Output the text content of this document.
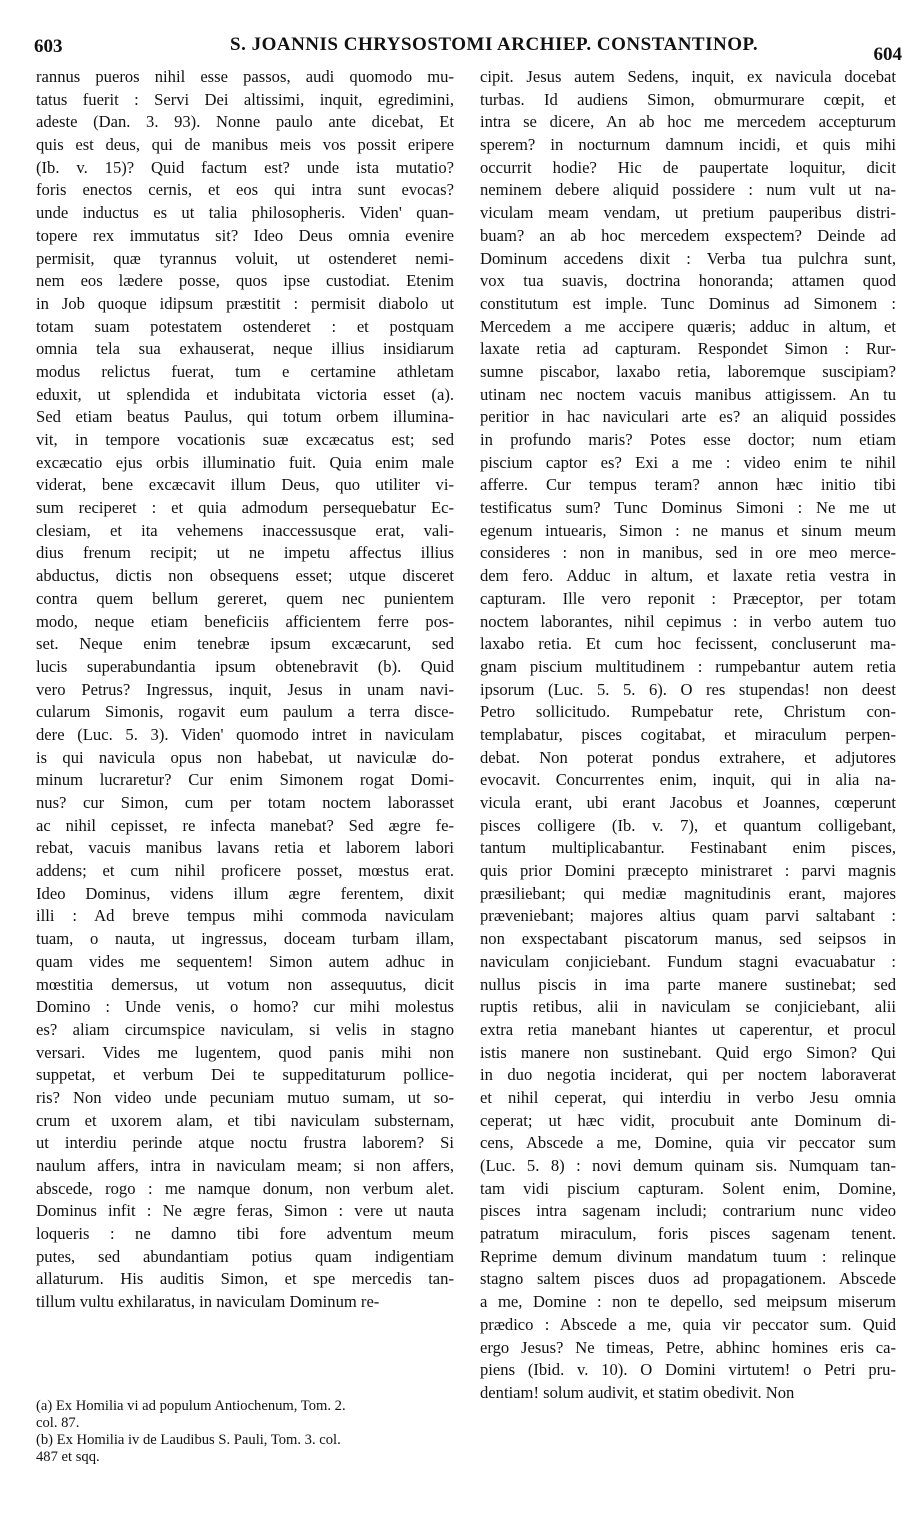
603	S. JOANNIS CHRYSOSTOMI ARCHIEP. CONSTANTINOP.	604
rannus pueros nihil esse passos, audi quomodo mu-
tatus fuerit : Servi Dei altissimi, inquit, egredimini,
adeste (Dan. 3. 93). Nonne paulo ante dicebat, Et
quis est deus, qui de manibus meis vos possit eripere
(Ib. v. 15)? Quid factum est? unde ista mutatio?
foris enectos cernis, et eos qui intra sunt evocas?
unde inductus es ut talia philosopheris. Viden' quan-
topere rex immutatus sit? Ideo Deus omnia evenire
permisit, quæ tyrannus voluit, ut ostenderet nemi-
nem eos lædere posse, quos ipse custodiat. Etenim
in Job quoque idipsum præstitit : permisit diabolo ut
totam suam potestatem ostenderet : et postquam
omnia tela sua exhauserat, neque illius insidiarum
modus relictus fuerat, tum e certamine athletam
eduxit, ut splendida et indubitata victoria esset (a).
Sed etiam beatus Paulus, qui totum orbem illumina-
vit, in tempore vocationis suæ excæcatus est; sed
excæcatio ejus orbis illuminatio fuit. Quia enim male
viderat, bene excæcavit illum Deus, quo utiliter vi-
sum reciperet : et quia admodum persequebatur Ec-
clesiam, et ita vehemens inaccessusque erat, vali-
dius frenum recipit; ut ne impetu affectus illius
abductus, dictis non obsequens esset; utque disceret
contra quem bellum gereret, quem nec punientem
modo, neque etiam beneficiis afficientem ferre pos-
set. Neque enim tenebræ ipsum excæcarunt, sed
lucis superabundantia ipsum obtenebravit (b). Quid
vero Petrus? Ingressus, inquit, Jesus in unam navi-
cularum Simonis, rogavit eum paulum a terra disce-
dere (Luc. 5. 3). Viden' quomodo intret in naviculam
is qui navicula opus non habebat, ut naviculæ do-
minum lucraretur? Cur enim Simonem rogat Domi-
nus? cur Simon, cum per totam noctem laborasset
ac nihil cepisset, re infecta manebat? Sed ægre fe-
rebat, vacuis manibus lavans retia et laborem labori
addens; et cum nihil proficere posset, mœstus erat.
Ideo Dominus, videns illum ægre ferentem, dixit
illi : Ad breve tempus mihi commoda naviculam
tuam, o nauta, ut ingressus, doceam turbam illam,
quam vides me sequentem! Simon autem adhuc in
mœstitia demersus, ut votum non assequutus, dicit
Domino : Unde venis, o homo? cur mihi molestus
es? aliam circumspice naviculam, si velis in stagno
versari. Vides me lugentem, quod panis mihi non
suppetat, et verbum Dei te suppeditaturum pollice-
ris? Non video unde pecuniam mutuo sumam, ut so-
crum et uxorem alam, et tibi naviculam substernam,
ut interdiu perinde atque noctu frustra laborem? Si
naulum affers, intra in naviculam meam; si non affers,
abscede, rogo : me namque donum, non verbum alet.
Dominus infit : Ne ægre feras, Simon : vere ut nauta
loqueris : ne damno tibi fore adventum meum
putes, sed abundantiam potius quam indigentiam
allaturum. His auditis Simon, et spe mercedis tan-
tillum vultu exhilaratus, in naviculam Dominum re-
cipit. Jesus autem Sedens, inquit, ex navicula docebat
turbas. Id audiens Simon, obmurmurare cœpit, et
intra se dicere, An ab hoc me mercedem accepturum
sperem? in nocturnum damnum incidi, et quis mihi
occurrit hodie? Hic de paupertate loquitur, dicit
neminem debere aliquid possidere : num vult ut na-
viculam meam vendam, ut pretium pauperibus distri-
buam? an ab hoc mercedem exspectem? Deinde ad
Dominum accedens dixit : Verba tua pulchra sunt,
vox tua suavis, doctrina honoranda; attamen quod
constitutum est imple. Tunc Dominus ad Simonem :
Mercedem a me accipere quæris; adduc in altum, et
laxate retia ad capturam. Respondet Simon : Rur-
sumne piscabor, laxabo retia, laboremque suscipiam?
utinam nec noctem vacuis manibus attigissem. An tu
peritior in hac naviculari arte es? an aliquid possides
in profundo maris? Potes esse doctor; num etiam
piscium captor es? Exi a me : video enim te nihil
afferre. Cur tempus teram? annon hæc initio tibi
testificatus sum? Tunc Dominus Simoni : Ne me ut
egenum intuearis, Simon : ne manus et sinum meum
consideres : non in manibus, sed in ore meo merce-
dem fero. Adduc in altum, et laxate retia vestra in
capturam. Ille vero reponit : Præceptor, per totam
noctem laborantes, nihil cepimus : in verbo autem tuo
laxabo retia. Et cum hoc fecissent, concluserunt ma-
gnam piscium multitudinem : rumpebantur autem retia
ipsorum (Luc. 5. 5. 6). O res stupendas! non deest
Petro sollicitudo. Rumpebatur rete, Christum con-
templabatur, pisces cogitabat, et miraculum perpen-
debat. Non poterat pondus extrahere, et adjutores
evocavit. Concurrentes enim, inquit, qui in alia na-
vicula erant, ubi erant Jacobus et Joannes, cœperunt
pisces colligere (Ib. v. 7), et quantum colligebant,
tantum multiplicabantur. Festinabant enim pisces,
quis prior Domini præcepto ministraret : parvi magnis
præsiliebant; qui mediæ magnitudinis erant, majores
præveniebant; majores altius quam parvi saltabant :
non exspectabant piscatorum manus, sed seipsos in
naviculam conjiciebant. Fundum stagni evacuabatur :
nullus piscis in ima parte manere sustinebat; sed
ruptis retibus, alii in naviculam se conjiciebant, alii
extra retia manebant hiantes ut caperentur, et procul
istis manere non sustinebant. Quid ergo Simon? Qui
in duo negotia inciderat, qui per noctem laboraverat
et nihil ceperat, qui interdiu in verbo Jesu omnia
ceperat; ut hæc vidit, procubuit ante Dominum di-
cens, Abscede a me, Domine, quia vir peccator sum
(Luc. 5. 8) : novi demum quinam sis. Numquam tan-
tam vidi piscium capturam. Solent enim, Domine,
pisces intra sagenam includi; contrarium nunc video
patratum miraculum, foris pisces sagenam tenent.
Reprime demum divinum mandatum tuum : relinque
stagno saltem pisces duos ad propagationem. Abscede
a me, Domine : non te depello, sed meipsum miserum
prædico : Abscede a me, quia vir peccator sum. Quid
ergo Jesus? Ne timeas, Petre, abhinc homines eris ca-
piens (Ibid. v. 10). O Domini virtutem! o Petri pru-
dentiam! solum audivit, et statim obedivit. Non
(a) Ex Homilia vi ad populum Antiochenum, Tom. 2.
col. 87.
(b) Ex Homilia iv de Laudibus S. Pauli, Tom. 3. col.
487 et sqq.
